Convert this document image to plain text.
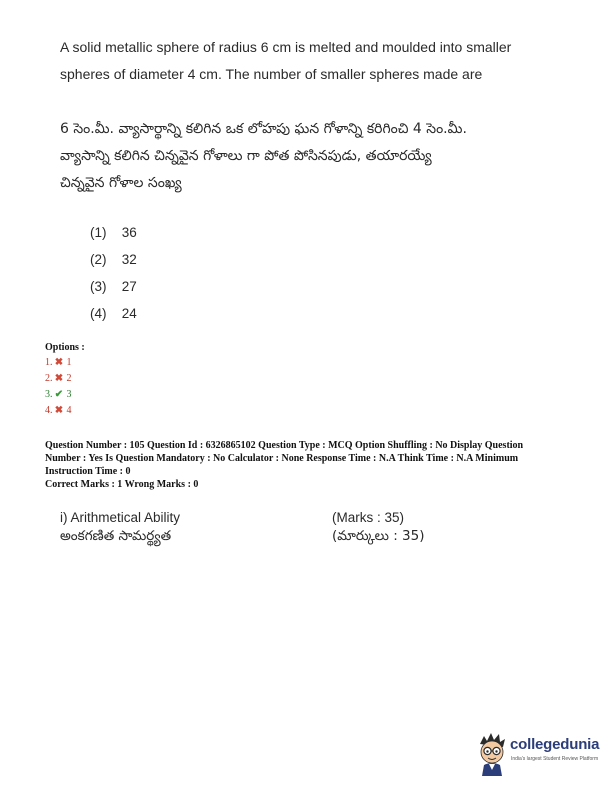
A solid metallic sphere of radius 6 cm is melted and moulded into smaller
spheres of diameter 4 cm. The number of smaller spheres made are
6 సెం.మీ. వ్యాసార్థాన్ని కలిగిన ఒక లోహపు ఘన గోళాన్ని కరిగించి 4 సెం.మీ.
వ్యాసాన్ని కలిగిన చిన్నవైన గోళాలు గా పోత పోసినపుడు, తయారయ్యే
చిన్నవైన గోళాల సంఖ్య
(1) 36
(2) 32
(3) 27
(4) 24
Options :
1. ✖ 1
2. ✖ 2
3. ✔ 3
4. ✖ 4
Question Number : 105 Question Id : 6326865102 Question Type : MCQ Option Shuffling : No Display Question
Number : Yes Is Question Mandatory : No Calculator : None Response Time : N.A Think Time : N.A Minimum
Instruction Time : 0
Correct Marks : 1 Wrong Marks : 0
i) Arithmetical Ability	(Marks : 35)
అంకగణిత సామర్థ్యత	(మార్కులు : 35)
collegedunia
India's largest Student Review Platform
